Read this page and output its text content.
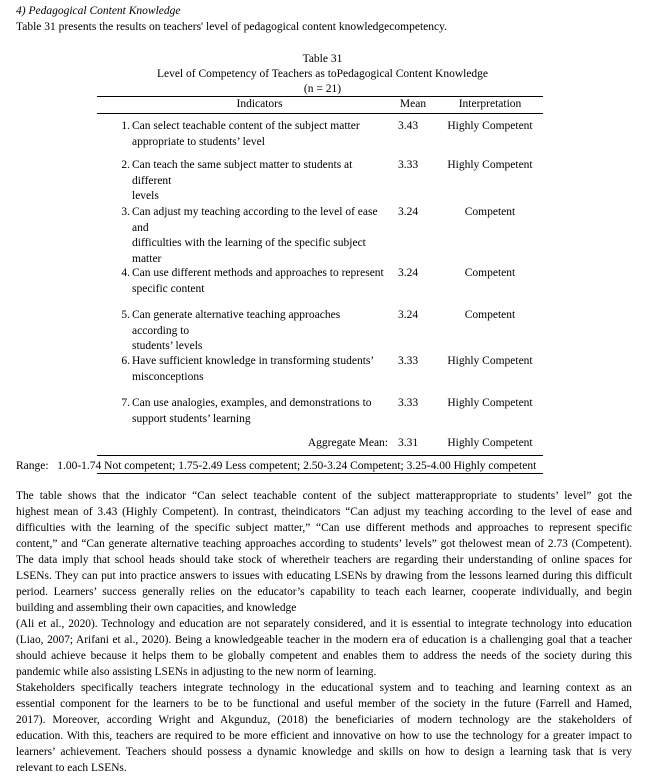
4) Pedagogical Content Knowledge
Table 31 presents the results on teachers' level of pedagogical content knowledgecompetency.
Table 31
Level of Competency of Teachers as toPedagogical Content Knowledge
(n = 21)
Indicators	Mean	Interpretation
1. Can select teachable content of the subject matter
appropriate to students’ level
3.43	Highly Competent
2. Can teach the same subject matter to students at
different
levels
3.33	Highly Competent
3. Can adjust my teaching according to the level of ease
and
difficulties with the learning of the specific subject
matter
3.24	Competent
4. Can use different methods and approaches to represent
specific content
3.24	Competent
5. Can generate alternative teaching approaches
according to
students’ levels
3.24	Competent
6. Have sufficient knowledge in transforming students’
misconceptions
3.33	Highly Competent
7. Can use analogies, examples, and demonstrations to
support students’ learning
3.33	Highly Competent
Aggregate Mean: 3.31	Highly Competent
Range:   1.00-1.74 Not competent; 1.75-2.49 Less competent; 2.50-3.24 Competent; 3.25-4.00 Highly competent
The table shows that the indicator “Can select teachable content of the subject matterappropriate to students’ level” got the
highest mean of 3.43 (Highly Competent). In contrast, theindicators “Can adjust my teaching according to the level of ease and
difficulties with the learning of the specific subject matter,” “Can use different methods and approaches to represent specific
content,” and “Can generate alternative teaching approaches according to students’ levels” got thelowest mean of 2.73 (Competent).
The data imply that school heads should take stock of wheretheir teachers are regarding their understanding of online spaces for
LSENs. They can put into practice answers to issues with educating LSENs by drawing from the lessons learned during this difficult
period. Learners’ success generally relies on the educator’s capability to teach each learner, cooperate individually, and begin
building and assembling their own capacities, and knowledge
(Ali et al., 2020). Technology and education are not separately considered, and it is essential to integrate technology into education
(Liao, 2007; Arifani et al., 2020). Being a knowledgeable teacher in the modern era of education is a challenging goal that a teacher
should achieve because it helps them to be globally competent and enables them to address the needs of the society during this
pandemic while also assisting LSENs in adjusting to the new norm of learning.
Stakeholders specifically teachers integrate technology in the educational system and to teaching and learning context as an
essential component for the learners to be to be functional and useful member of the society in the future (Farrell and Hamed,
2017). Moreover, according Wright and Akgunduz, (2018) the beneficiaries of modern technology are the stakeholders of
education. With this, teachers are required to be more efficient and innovative on how to use the technology for a greater impact to
learners’ achievement. Teachers should possess a dynamic knowledge and skills on how to design a learning task that is very
relevant to each LSENs.
